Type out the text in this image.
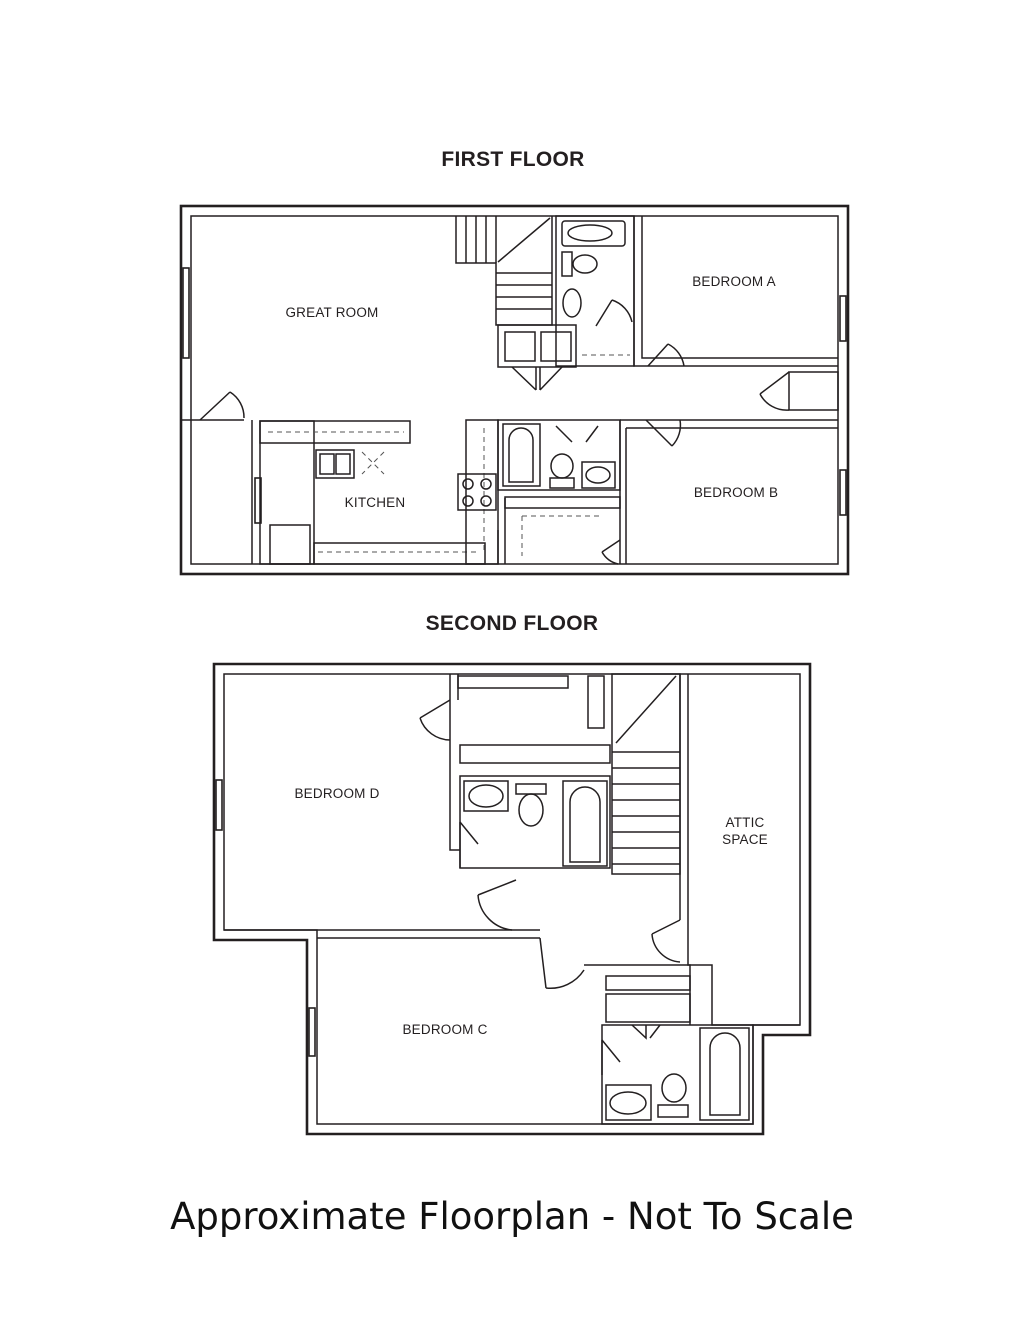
FIRST FLOOR
GREAT ROOM
KITCHEN
BEDROOM A
BEDROOM B
SECOND FLOOR
BEDROOM D
BEDROOM C
ATTIC
SPACE
Approximate Floorplan - Not To Scale
